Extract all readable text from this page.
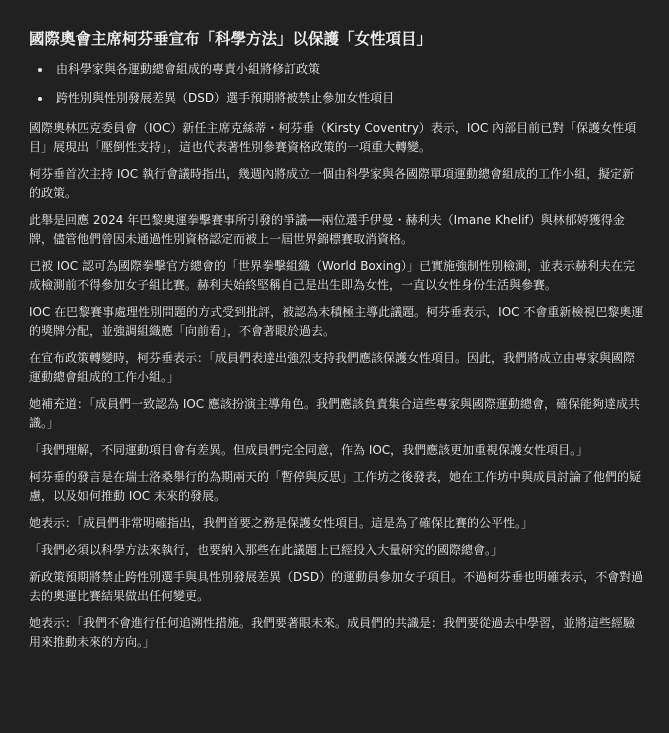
國際奧會主席柯芬垂宣布「科學方法」以保護「女性項目」
由科學家與各運動總會組成的專責小組將修訂政策
跨性別與性別發展差異（DSD）選手預期將被禁止參加女性項目

國際奧林匹克委員會（IOC）新任主席克絲蒂・柯芬垂（Kirsty Coventry）表示，IOC 內部目前已對「保護女性項目」展現出「壓倒性支持」，這也代表著性別參賽資格政策的一項重大轉變。

柯芬垂首次主持 IOC 執行會議時指出，幾週內將成立一個由科學家與各國際單項運動總會組成的工作小組，擬定新的政策。

此舉是回應 2024 年巴黎奧運拳擊賽事所引發的爭議──兩位選手伊曼・赫利夫（Imane Khelif）與林郁婷獲得金牌，儘管他們曾因未通過性別資格認定而被上一屆世界錦標賽取消資格。

已被 IOC 認可為國際拳擊官方總會的「世界拳擊組織（World Boxing）」已實施強制性別檢測，並表示赫利夫在完成檢測前不得參加女子組比賽。赫利夫始終堅稱自己是出生即為女性，一直以女性身份生活與參賽。

IOC 在巴黎賽事處理性別問題的方式受到批評，被認為未積極主導此議題。柯芬垂表示，IOC 不會重新檢視巴黎奧運的獎牌分配，並強調組織應「向前看」，不會著眼於過去。

在宣布政策轉變時，柯芬垂表示：「成員們表達出強烈支持我們應該保護女性項目。因此，我們將成立由專家與國際運動總會組成的工作小組。」

她補充道：「成員們一致認為 IOC 應該扮演主導角色。我們應該負責集合這些專家與國際運動總會，確保能夠達成共識。」

「我們理解，不同運動項目會有差異。但成員們完全同意，作為 IOC，我們應該更加重視保護女性項目。」

柯芬垂的發言是在瑞士洛桑舉行的為期兩天的「暫停與反思」工作坊之後發表，她在工作坊中與成員討論了他們的疑慮，以及如何推動 IOC 未來的發展。

她表示：「成員們非常明確指出，我們首要之務是保護女性項目。這是為了確保比賽的公平性。」

「我們必須以科學方法來執行，也要納入那些在此議題上已經投入大量研究的國際總會。」

新政策預期將禁止跨性別選手與具性別發展差異（DSD）的運動員參加女子項目。不過柯芬垂也明確表示，不會對過去的奧運比賽結果做出任何變更。

她表示：「我們不會進行任何追溯性措施。我們要著眼未來。成員們的共識是：我們要從過去中學習，並將這些經驗用來推動未來的方向。」
